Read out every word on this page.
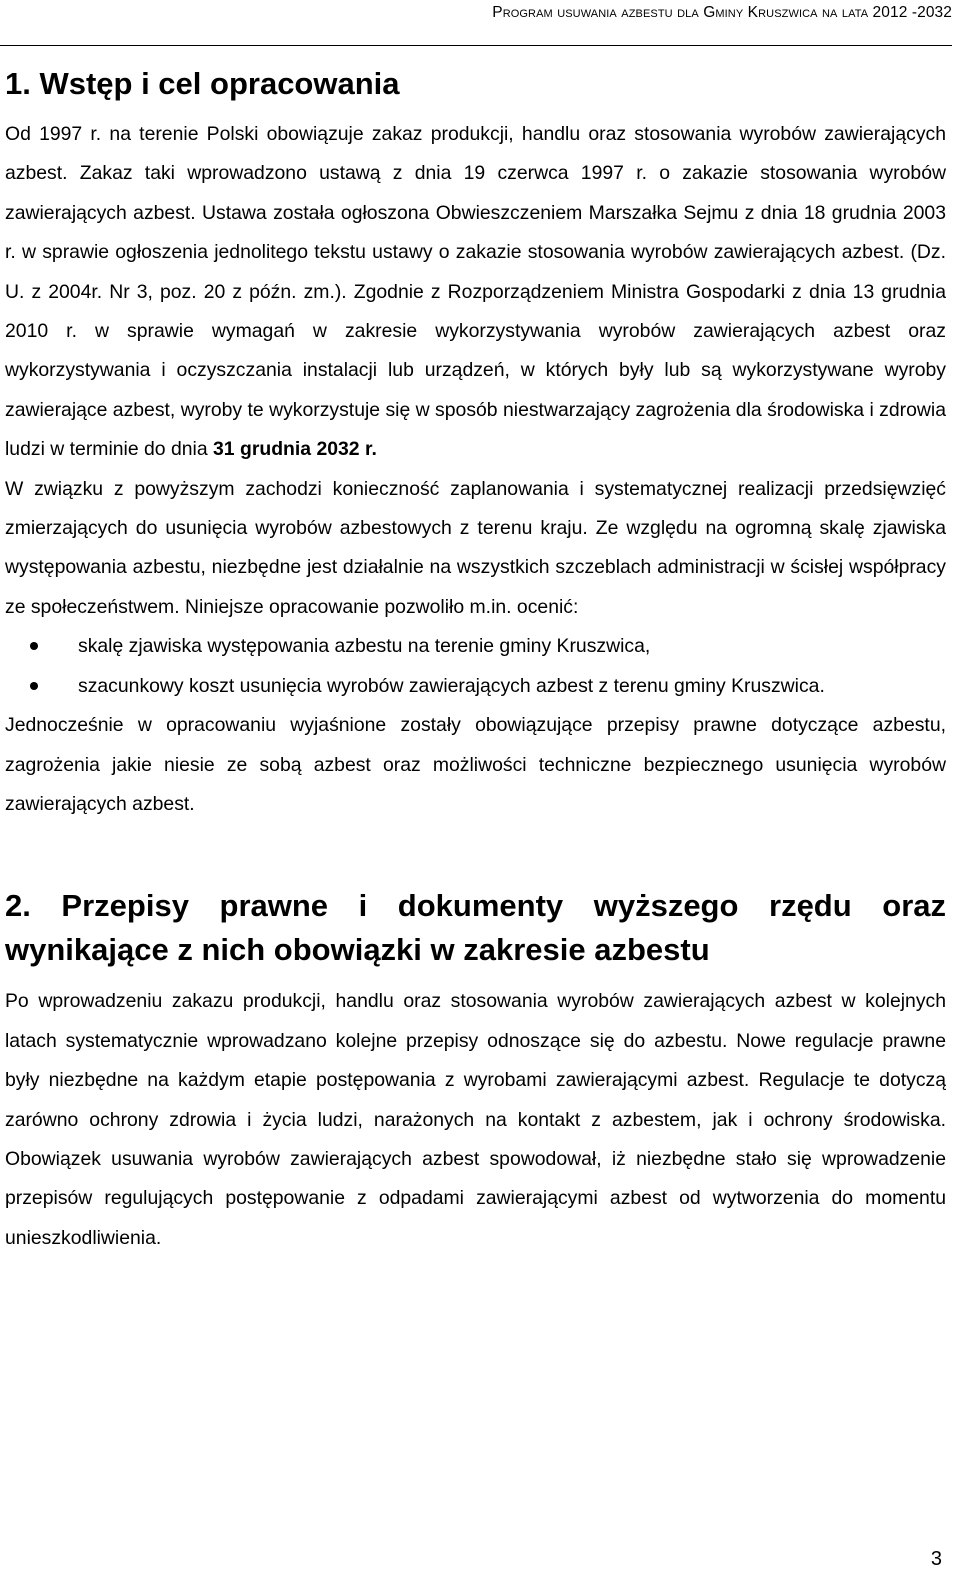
Program usuwania azbestu dla Gminy Kruszwica na lata 2012 -2032
1. Wstęp i cel opracowania

Od 1997 r. na terenie Polski obowiązuje zakaz produkcji, handlu oraz stosowania wyrobów zawierających azbest. Zakaz taki wprowadzono ustawą z dnia 19 czerwca 1997 r. o zakazie stosowania wyrobów zawierających azbest. Ustawa została ogłoszona Obwieszczeniem Marszałka Sejmu z dnia 18 grudnia 2003 r. w sprawie ogłoszenia jednolitego tekstu ustawy o zakazie stosowania wyrobów zawierających azbest. (Dz. U. z 2004r. Nr 3, poz. 20 z późn. zm.). Zgodnie z Rozporządzeniem Ministra Gospodarki z dnia 13 grudnia 2010 r. w sprawie wymagań w zakresie wykorzystywania wyrobów zawierających azbest oraz wykorzystywania i oczyszczania instalacji lub urządzeń, w których były lub są wykorzystywane wyroby zawierające azbest, wyroby te wykorzystuje się w sposób niestwarzający zagrożenia dla środowiska i zdrowia ludzi w terminie do dnia 31 grudnia 2032 r.

W związku z powyższym zachodzi konieczność zaplanowania i systematycznej realizacji przedsięwzięć zmierzających do usunięcia wyrobów azbestowych z terenu kraju. Ze względu na ogromną skalę zjawiska występowania azbestu, niezbędne jest działalnie na wszystkich szczeblach administracji w ścisłej współpracy ze społeczeństwem. Niniejsze opracowanie pozwoliło m.in. ocenić:

skalę zjawiska występowania azbestu na terenie gminy Kruszwica,
szacunkowy koszt usunięcia wyrobów zawierających azbest z terenu gminy Kruszwica.

Jednocześnie w opracowaniu wyjaśnione zostały obowiązujące przepisy prawne dotyczące azbestu, zagrożenia jakie niesie ze sobą azbest oraz możliwości techniczne bezpiecznego usunięcia wyrobów zawierających azbest.

2. Przepisy prawne i dokumenty wyższego rzędu oraz wynikające z nich obowiązki w zakresie azbestu

Po wprowadzeniu zakazu produkcji, handlu oraz stosowania wyrobów zawierających azbest w kolejnych latach systematycznie wprowadzano kolejne przepisy odnoszące się do azbestu. Nowe regulacje prawne były niezbędne na każdym etapie postępowania z wyrobami zawierającymi azbest. Regulacje te dotyczą zarówno ochrony zdrowia i życia ludzi, narażonych na kontakt z azbestem, jak i ochrony środowiska. Obowiązek usuwania wyrobów zawierających azbest spowodował, iż niezbędne stało się wprowadzenie przepisów regulujących postępowanie z odpadami zawierającymi azbest od wytworzenia do momentu unieszkodliwienia.

3
